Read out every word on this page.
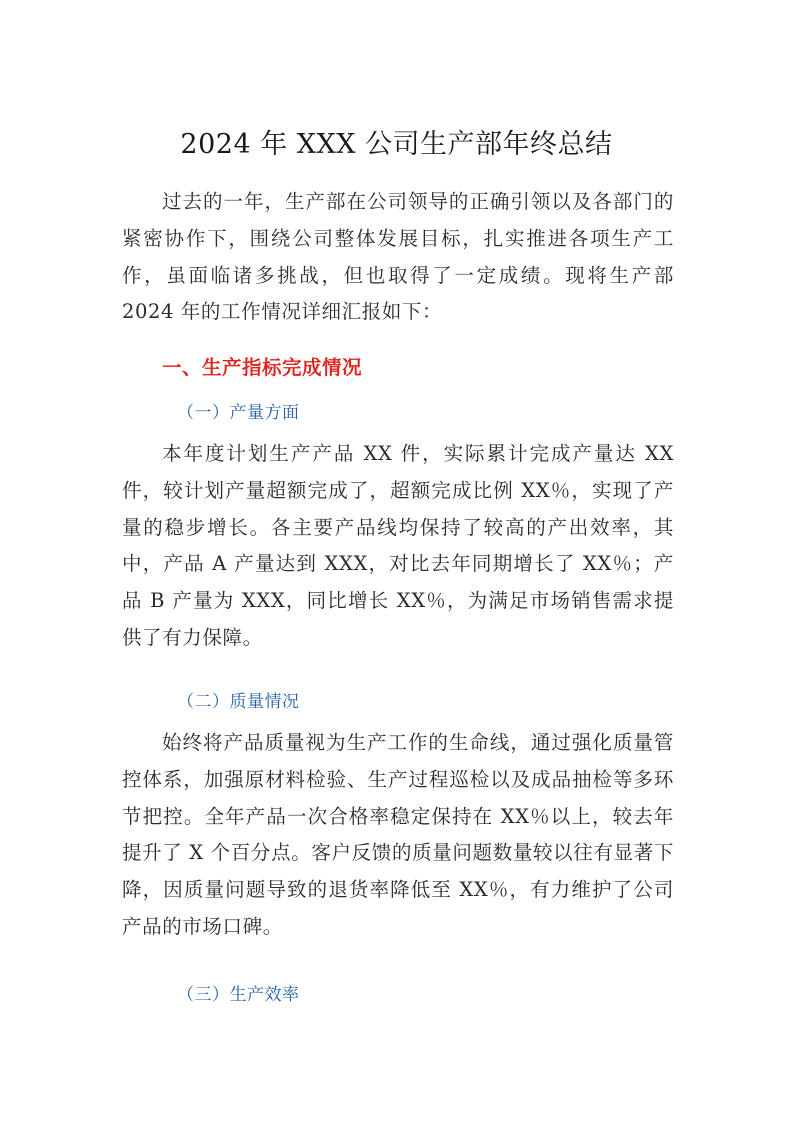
2024 年 XXX 公司生产部年终总结
过去的一年，生产部在公司领导的正确引领以及各部门的紧密协作下，围绕公司整体发展目标，扎实推进各项生产工作，虽面临诸多挑战，但也取得了一定成绩。现将生产部 2024 年的工作情况详细汇报如下：
一、生产指标完成情况
（一）产量方面
本年度计划生产产品 XX 件，实际累计完成产量达 XX 件，较计划产量超额完成了，超额完成比例 XX％，实现了产量的稳步增长。各主要产品线均保持了较高的产出效率，其中，产品 A 产量达到 XXX，对比去年同期增长了 XX％；产品 B 产量为 XXX，同比增长 XX％，为满足市场销售需求提供了有力保障。
（二）质量情况
始终将产品质量视为生产工作的生命线，通过强化质量管控体系，加强原材料检验、生产过程巡检以及成品抽检等多环节把控。全年产品一次合格率稳定保持在 XX％以上，较去年提升了 X 个百分点。客户反馈的质量问题数量较以往有显著下降，因质量问题导致的退货率降低至 XX％，有力维护了公司产品的市场口碑。
（三）生产效率
